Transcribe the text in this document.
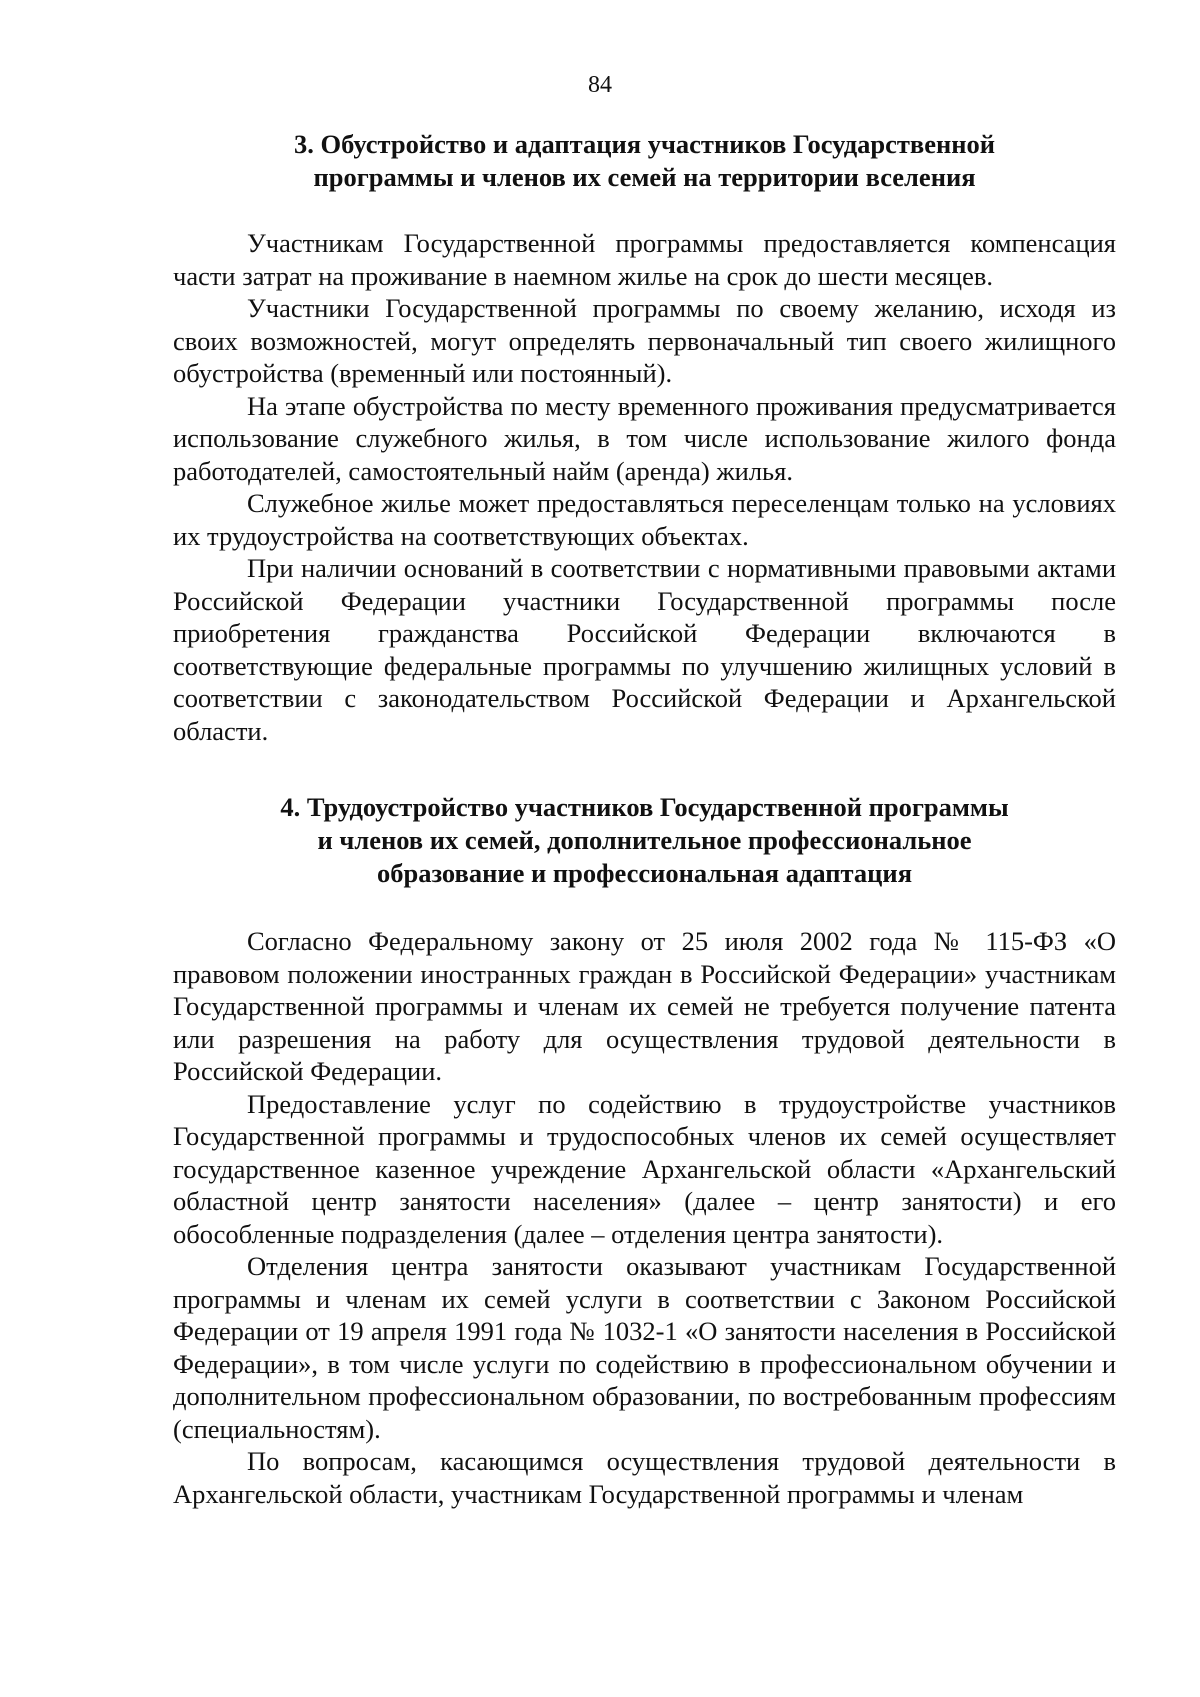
84
3. Обустройство и адаптация участников Государственной
программы и членов их семей на территории вселения

Участникам Государственной программы предоставляется компенсация части затрат на проживание в наемном жилье на срок до шести месяцев.

Участники Государственной программы по своему желанию, исходя из своих возможностей, могут определять первоначальный тип своего жилищного обустройства (временный или постоянный).

На этапе обустройства по месту временного проживания предусматривается использование служебного жилья, в том числе использование жилого фонда работодателей, самостоятельный найм (аренда) жилья.

Служебное жилье может предоставляться переселенцам только на условиях их трудоустройства на соответствующих объектах.

При наличии оснований в соответствии с нормативными правовыми актами Российской Федерации участники Государственной программы после приобретения гражданства Российской Федерации включаются в соответствующие федеральные программы по улучшению жилищных условий в соответствии с законодательством Российской Федерации и Архангельской области.

4. Трудоустройство участников Государственной программы
и членов их семей, дополнительное профессиональное
образование и профессиональная адаптация

Согласно Федеральному закону от 25 июля 2002 года № 115-ФЗ «О правовом положении иностранных граждан в Российской Федерации» участникам Государственной программы и членам их семей не требуется получение патента или разрешения на работу для осуществления трудовой деятельности в Российской Федерации.

Предоставление услуг по содействию в трудоустройстве участников Государственной программы и трудоспособных членов их семей осуществляет государственное казенное учреждение Архангельской области «Архангельский областной центр занятости населения» (далее – центр занятости) и его обособленные подразделения (далее – отделения центра занятости).

Отделения центра занятости оказывают участникам Государственной программы и членам их семей услуги в соответствии с Законом Российской Федерации от 19 апреля 1991 года № 1032-1 «О занятости населения в Российской Федерации», в том числе услуги по содействию в профессиональном обучении и дополнительном профессиональном образовании, по востребованным профессиям (специальностям).

По вопросам, касающимся осуществления трудовой деятельности в Архангельской области, участникам Государственной программы и членам
